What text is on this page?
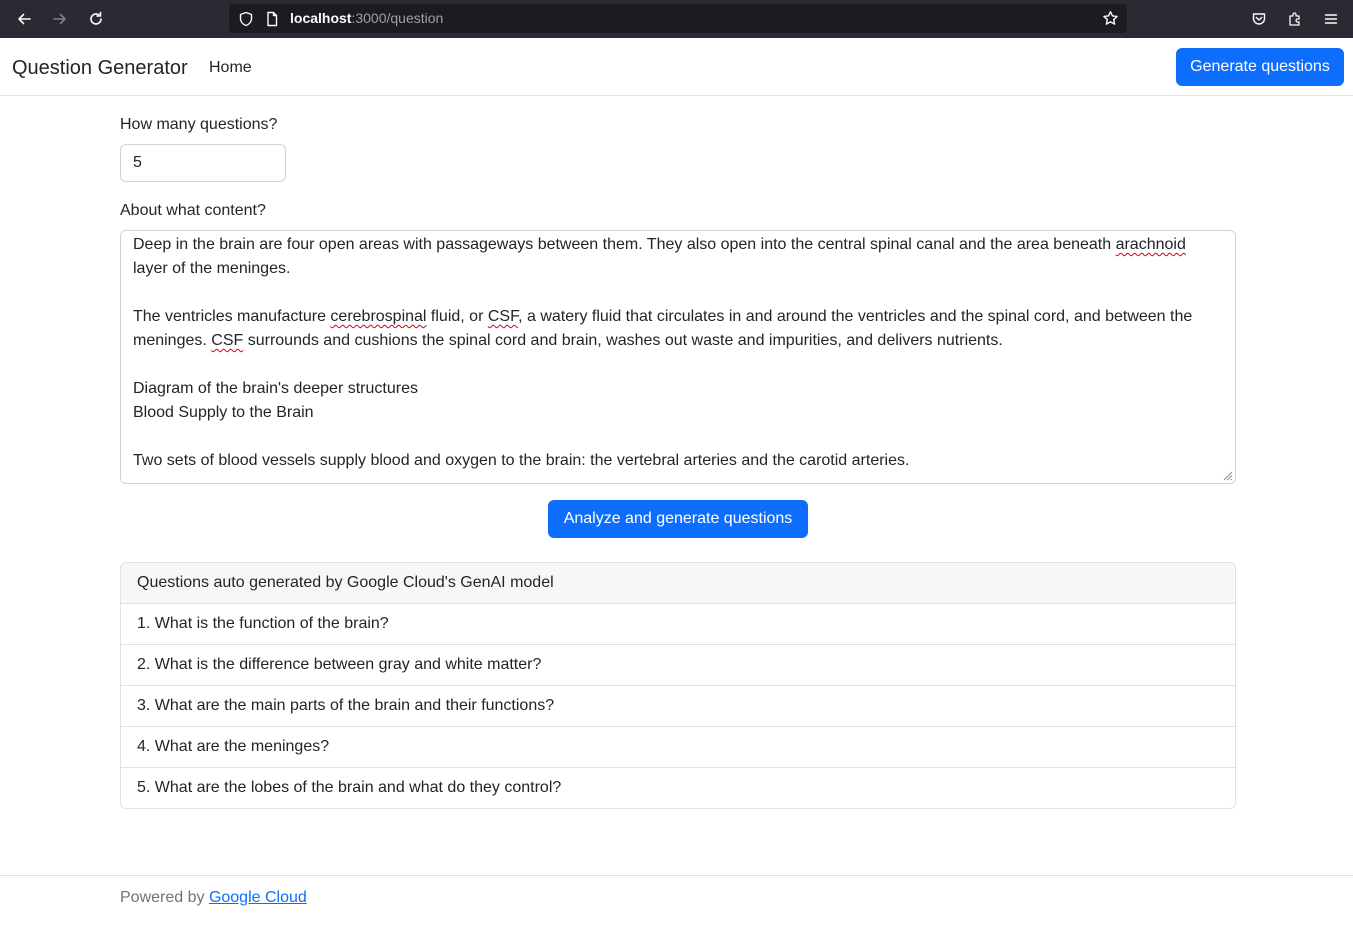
localhost:3000/question
Question Generator Home	Generate questions
How many questions?
5
About what content?

Deep in the brain are four open areas with passageways between them. They also open into the central spinal canal and the area beneath arachnoid layer of the meninges.

The ventricles manufacture cerebrospinal fluid, or CSF, a watery fluid that circulates in and around the ventricles and the spinal cord, and between the meninges. CSF surrounds and cushions the spinal cord and brain, washes out waste and impurities, and delivers nutrients.

Diagram of the brain's deeper structures

Blood Supply to the Brain

Two sets of blood vessels supply blood and oxygen to the brain: the vertebral arteries and the carotid arteries.

Analyze and generate questions
Questions auto generated by Google Cloud's GenAI model
1. What is the function of the brain?
2. What is the difference between gray and white matter?
3. What are the main parts of the brain and their functions?
4. What are the meninges?
5. What are the lobes of the brain and what do they control?
Powered by Google Cloud
